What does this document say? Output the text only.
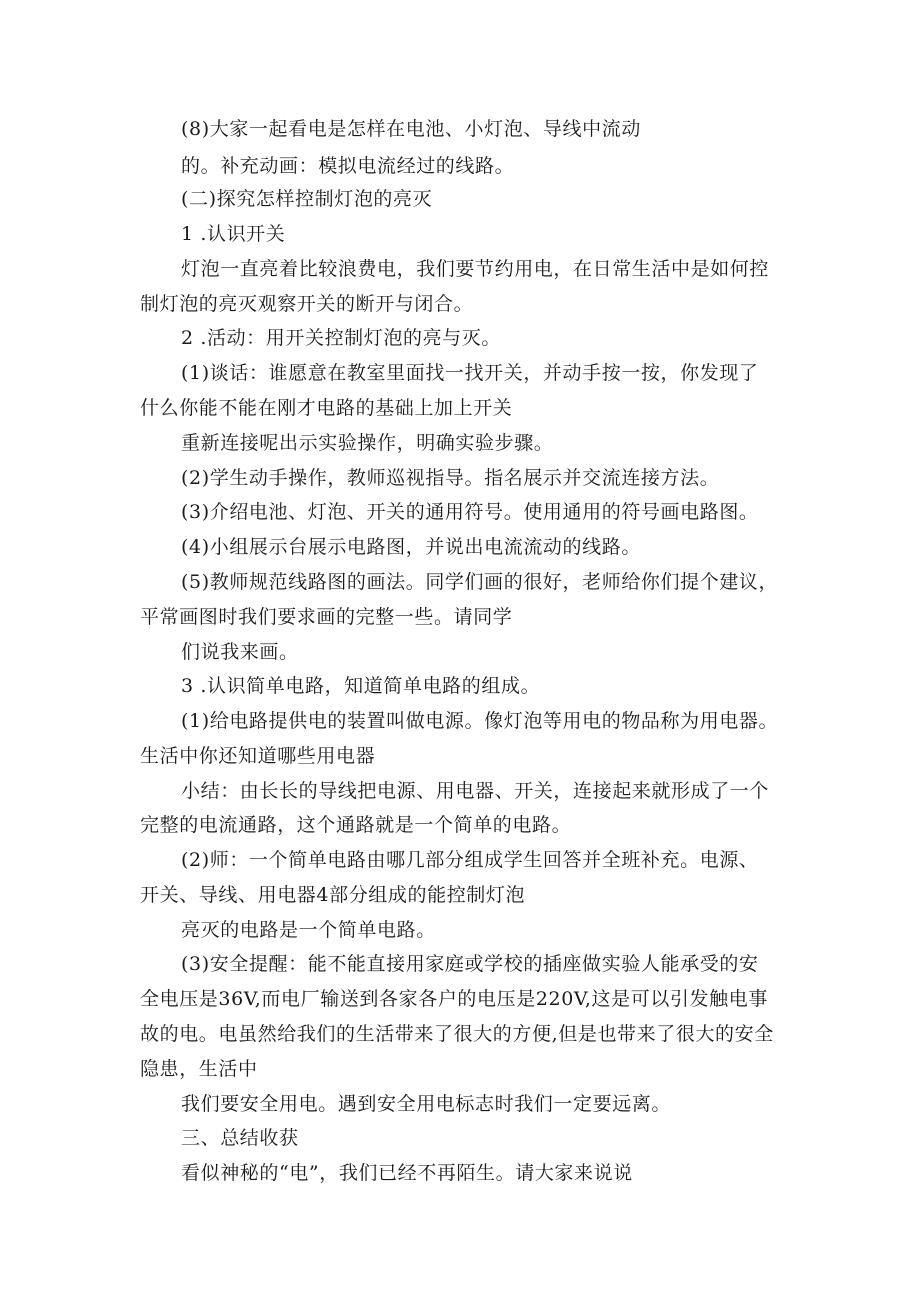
(8)大家一起看电是怎样在电池、小灯泡、导线中流动
的。补充动画：模拟电流经过的线路。
(二)探究怎样控制灯泡的亮灭
1 .认识开关
灯泡一直亮着比较浪费电，我们要节约用电，在日常生活中是如何控
制灯泡的亮灭观察开关的断开与闭合。
2 .活动：用开关控制灯泡的亮与灭。
(1)谈话：谁愿意在教室里面找一找开关，并动手按一按，你发现了
什么你能不能在刚才电路的基础上加上开关
重新连接呢出示实验操作，明确实验步骤。
(2)学生动手操作，教师巡视指导。指名展示并交流连接方法。
(3)介绍电池、灯泡、开关的通用符号。使用通用的符号画电路图。
(4)小组展示台展示电路图，并说出电流流动的线路。
(5)教师规范线路图的画法。同学们画的很好，老师给你们提个建议，
平常画图时我们要求画的完整一些。请同学
们说我来画。
3 .认识简单电路，知道简单电路的组成。
(1)给电路提供电的装置叫做电源。像灯泡等用电的物品称为用电器。
生活中你还知道哪些用电器
小结：由长长的导线把电源、用电器、开关，连接起来就形成了一个
完整的电流通路，这个通路就是一个简单的电路。
(2)师：一个简单电路由哪几部分组成学生回答并全班补充。电源、
开关、导线、用电器4部分组成的能控制灯泡
亮灭的电路是一个简单电路。
(3)安全提醒：能不能直接用家庭或学校的插座做实验人能承受的安
全电压是36V,而电厂输送到各家各户的电压是220V,这是可以引发触电事
故的电。电虽然给我们的生活带来了很大的方便,但是也带来了很大的安全
隐患，生活中
我们要安全用电。遇到安全用电标志时我们一定要远离。
三、总结收获
看似神秘的“电”，我们已经不再陌生。请大家来说说
